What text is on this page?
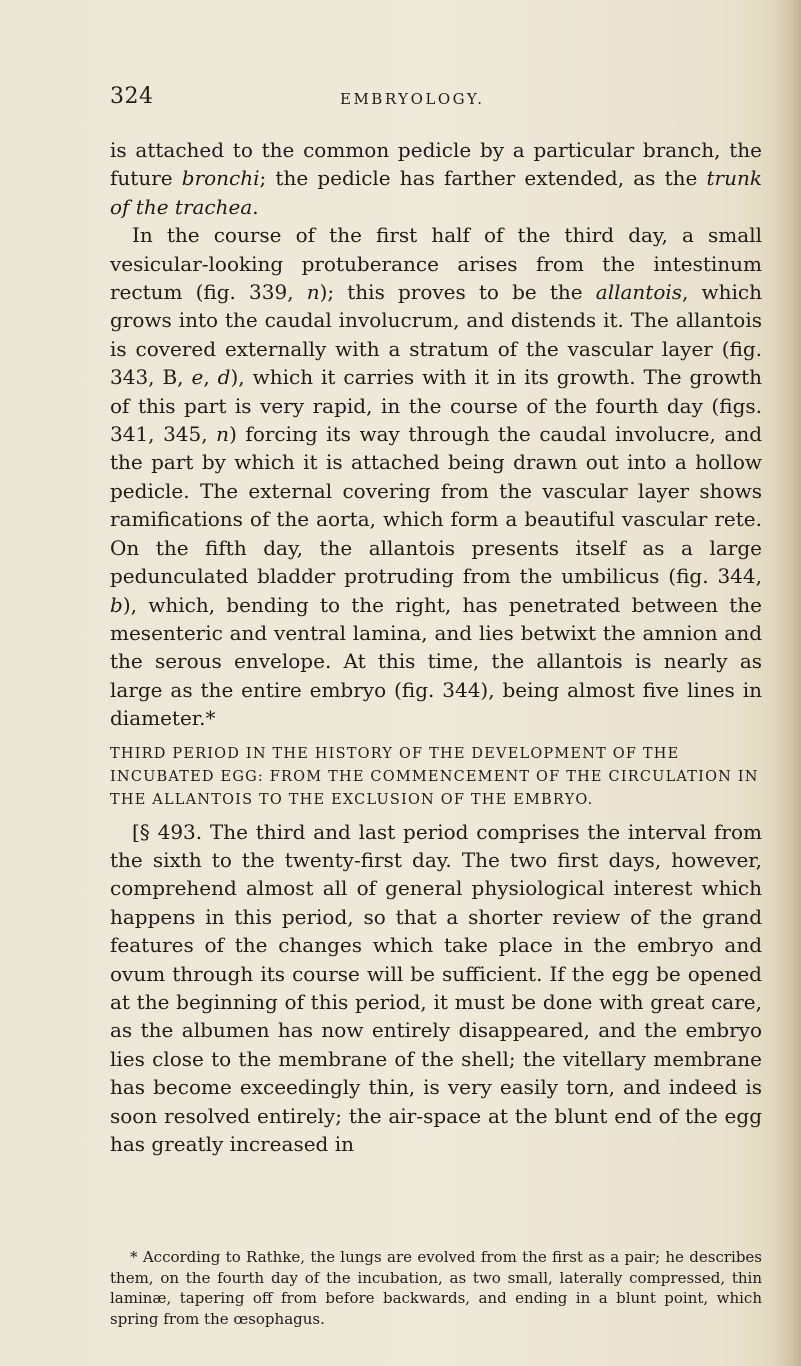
324	EMBRYOLOGY.

is attached to the common pedicle by a particular branch, the future bronchi; the pedicle has farther extended, as the trunk of the trachea.

In the course of the first half of the third day, a small vesicular-looking protuberance arises from the intestinum rectum (fig. 339, n); this proves to be the allantois, which grows into the caudal involucrum, and distends it. The allantois is covered externally with a stratum of the vascular layer (fig. 343, B, e, d), which it carries with it in its growth. The growth of this part is very rapid, in the course of the fourth day (figs. 341, 345, n) forcing its way through the caudal involucre, and the part by which it is attached being drawn out into a hollow pedicle. The external covering from the vascular layer shows ramifications of the aorta, which form a beautiful vascular rete. On the fifth day, the allantois presents itself as a large pedunculated bladder protruding from the umbilicus (fig. 344, b), which, bending to the right, has penetrated between the mesenteric and ventral lamina, and lies betwixt the amnion and the serous envelope. At this time, the allantois is nearly as large as the entire embryo (fig. 344), being almost five lines in diameter.*

THIRD PERIOD IN THE HISTORY OF THE DEVELOPMENT OF THE INCUBATED EGG: FROM THE COMMENCEMENT OF THE CIRCULATION IN THE ALLANTOIS TO THE EXCLUSION OF THE EMBRYO.

[§ 493. The third and last period comprises the interval from the sixth to the twenty-first day. The two first days, however, comprehend almost all of general physiological interest which happens in this period, so that a shorter review of the grand features of the changes which take place in the embryo and ovum through its course will be sufficient. If the egg be opened at the beginning of this period, it must be done with great care, as the albumen has now entirely disappeared, and the embryo lies close to the membrane of the shell; the vitellary membrane has become exceedingly thin, is very easily torn, and indeed is soon resolved entirely; the air-space at the blunt end of the egg has greatly increased in

* According to Rathke, the lungs are evolved from the first as a pair; he describes them, on the fourth day of the incubation, as two small, laterally compressed, thin laminæ, tapering off from before backwards, and ending in a blunt point, which spring from the œsophagus.
